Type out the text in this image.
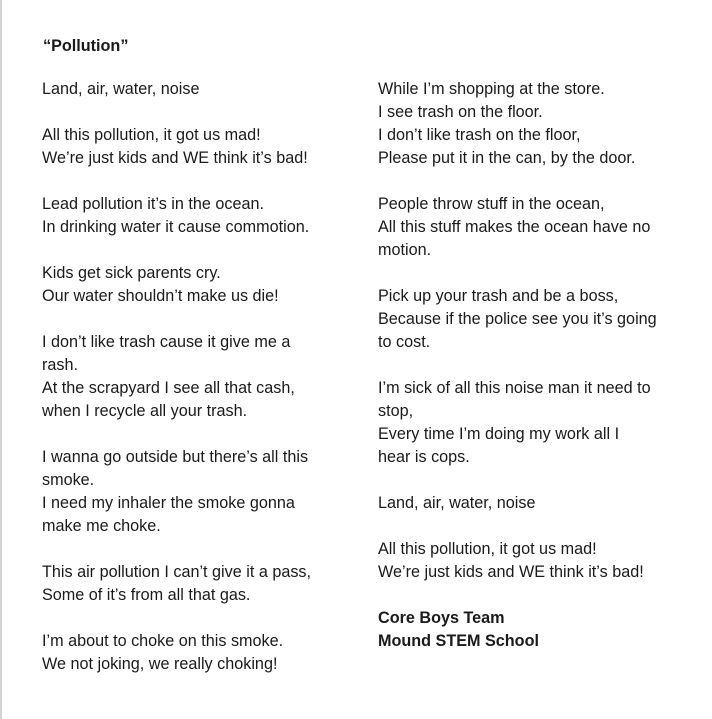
“Pollution”
Land, air, water, noise
All this pollution, it got us mad!
We’re just kids and WE think it’s bad!
Lead pollution it’s in the ocean.
In drinking water it cause commotion.
Kids get sick parents cry.
Our water shouldn’t make us die!
I don’t like trash cause it give me a
rash.
At the scrapyard I see all that cash,
when I recycle all your trash.
I wanna go outside but there’s all this
smoke.
I need my inhaler the smoke gonna
make me choke.
This air pollution I can’t give it a pass,
Some of it’s from all that gas.
I’m about to choke on this smoke.
We not joking, we really choking!
While I’m shopping at the store.
I see trash on the floor.
I don’t like trash on the floor,
Please put it in the can, by the door.
People throw stuff in the ocean,
All this stuff makes the ocean have no
motion.
Pick up your trash and be a boss,
Because if the police see you it’s going
to cost.
I’m sick of all this noise man it need to
stop,
Every time I’m doing my work all I
hear is cops.
Land, air, water, noise
All this pollution, it got us mad!
We’re just kids and WE think it’s bad!
Core Boys Team
Mound STEM School
